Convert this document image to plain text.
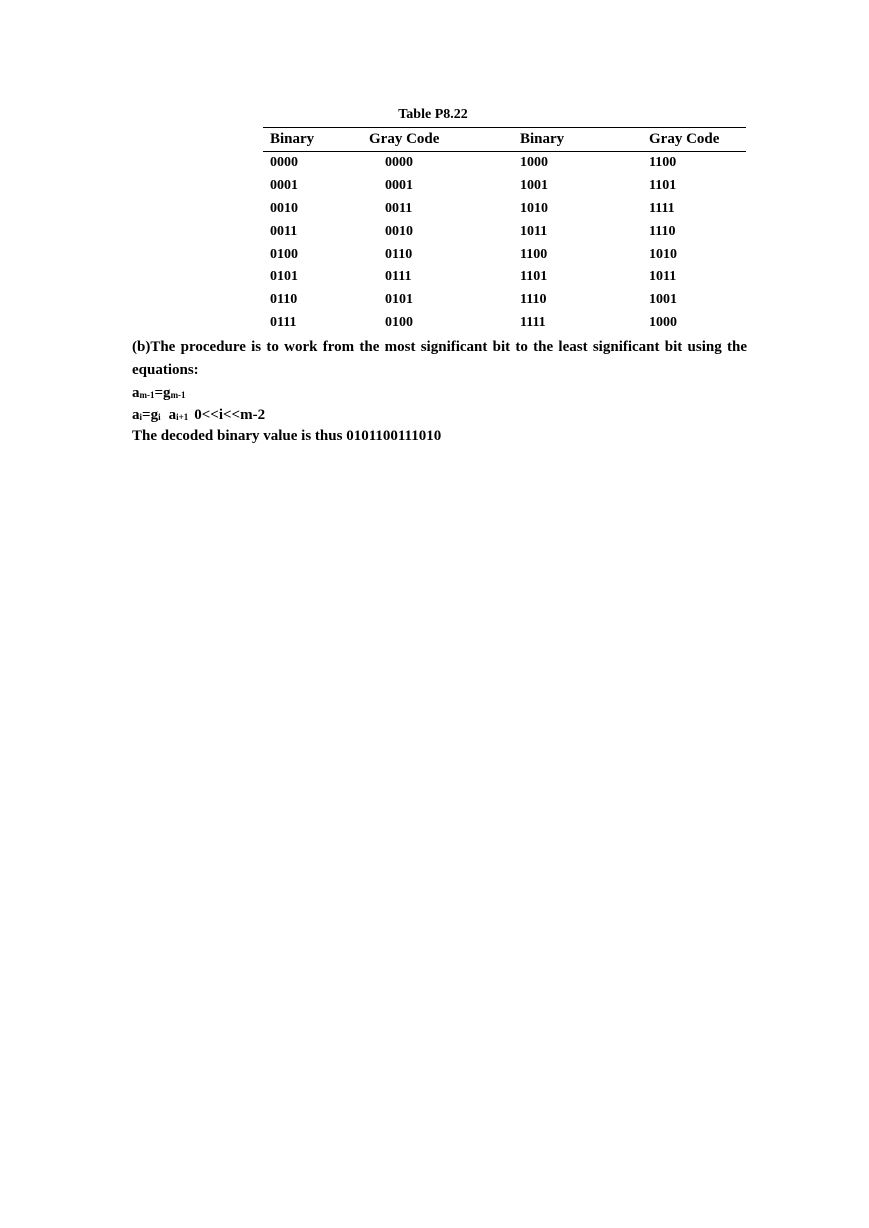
Table P8.22
Binary	Gray Code	Binary	Gray Code
0000	0000	1000	1100
0001	0001	1001	1101
0010	0011	1010	1111
0011	0010	1011	1110
0100	0110	1100	1010
0101	0111	1101	1011
0110	0101	1110	1001
0111	0100	1111	1000
(b)The procedure is to work from the most significant bit to the least significant bit using the equations:
$a_{m-1}=g_{m-1}$
$a_i=g_i$ $a_{i+1}$ 0<<i<<m-2
The decoded binary value is thus 0101100111010
